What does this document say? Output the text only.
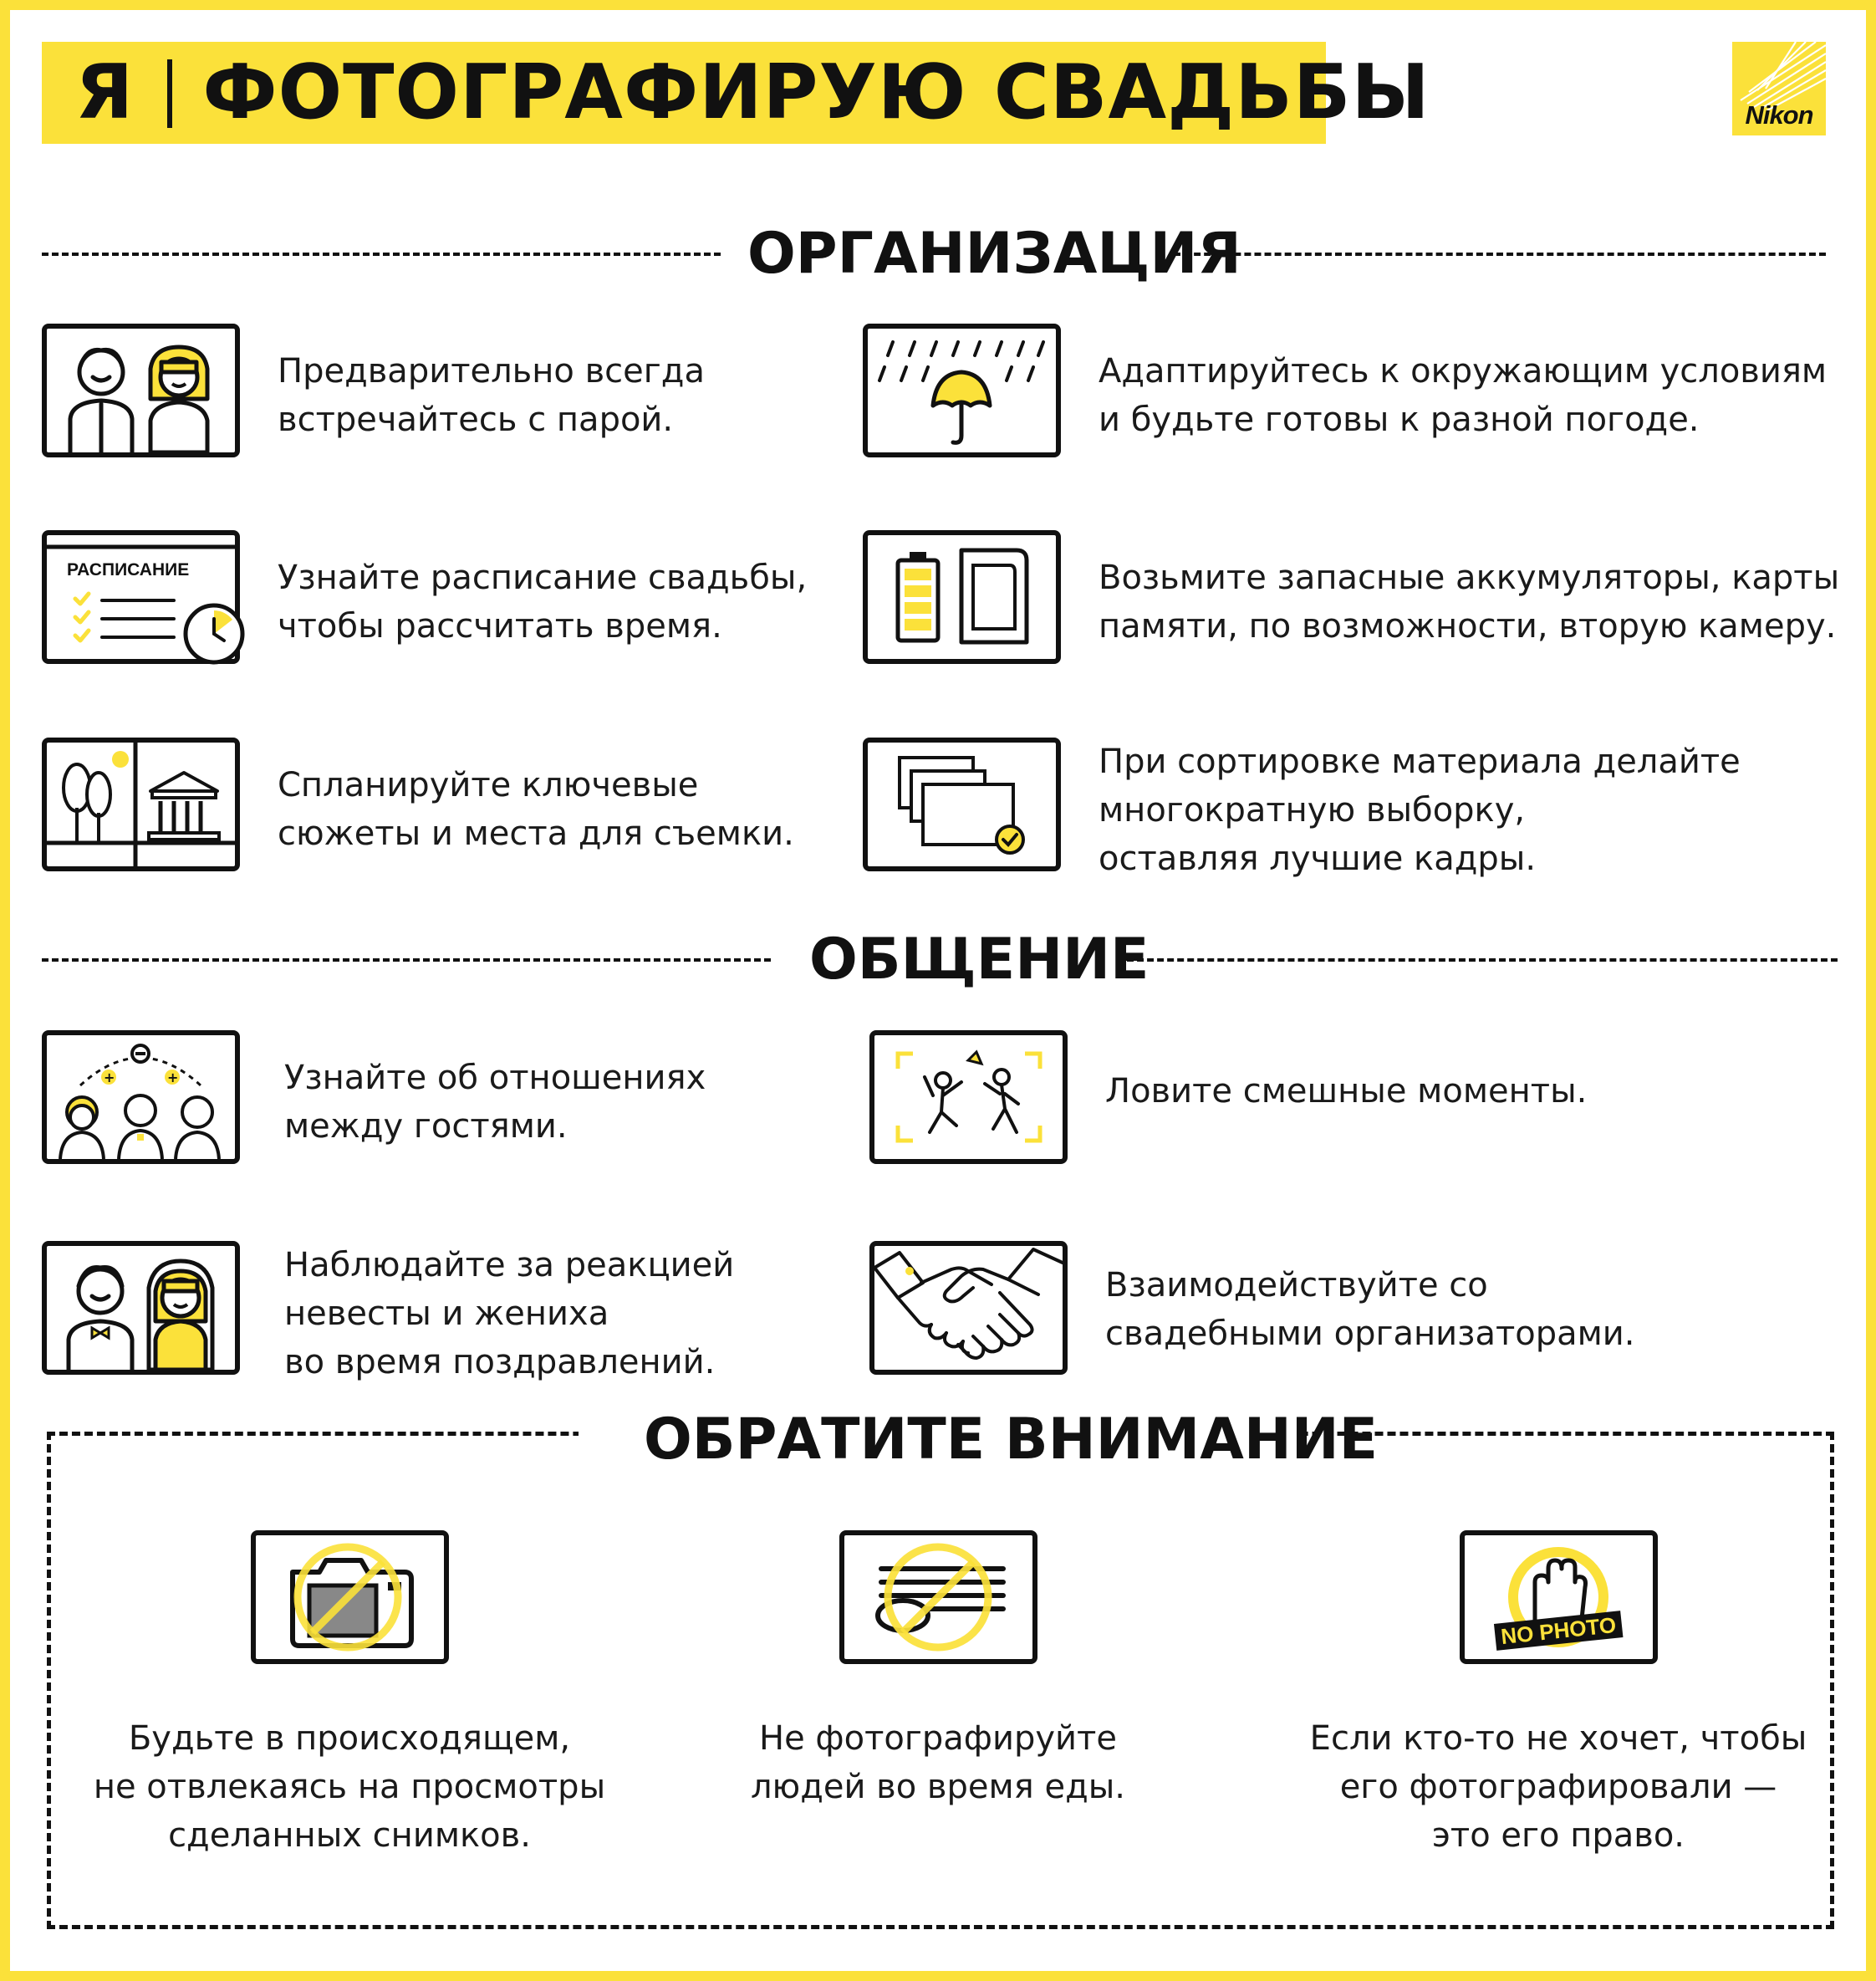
Я ФОТОГРАФИРУЮ СВАДЬБЫ	Nikon
ОРГАНИЗАЦИЯ
Предварительно всегда
встречайтесь с парой.
Адаптируйтесь к окружающим условиям
и будьте готовы к разной погоде.
РАСПИСАНИЕ	Узнайте расписание свадьбы,
чтобы рассчитать время.
Возьмите запасные аккумуляторы, карты
памяти, по возможности, вторую камеру.
Спланируйте ключевые
сюжеты и места для съемки.
При сортировке материала делайте
многократную выборку,
оставляя лучшие кадры.
ОБЩЕНИЕ
+	+	Узнайте об отношениях
между гостями.
Ловите смешные моменты.
Наблюдайте за реакцией
невесты и жениха
во время поздравлений.
Взаимодействуйте со
свадебными организаторами.
ОБРАТИТЕ ВНИМАНИЕ
Будьте в происходящем,
не отвлекаясь на просмотры
сделанных снимков.
Не фотографируйте
людей во время еды.
NO PHOTO
Если кто-то не хочет, чтобы
его фотографировали —
это его право.
